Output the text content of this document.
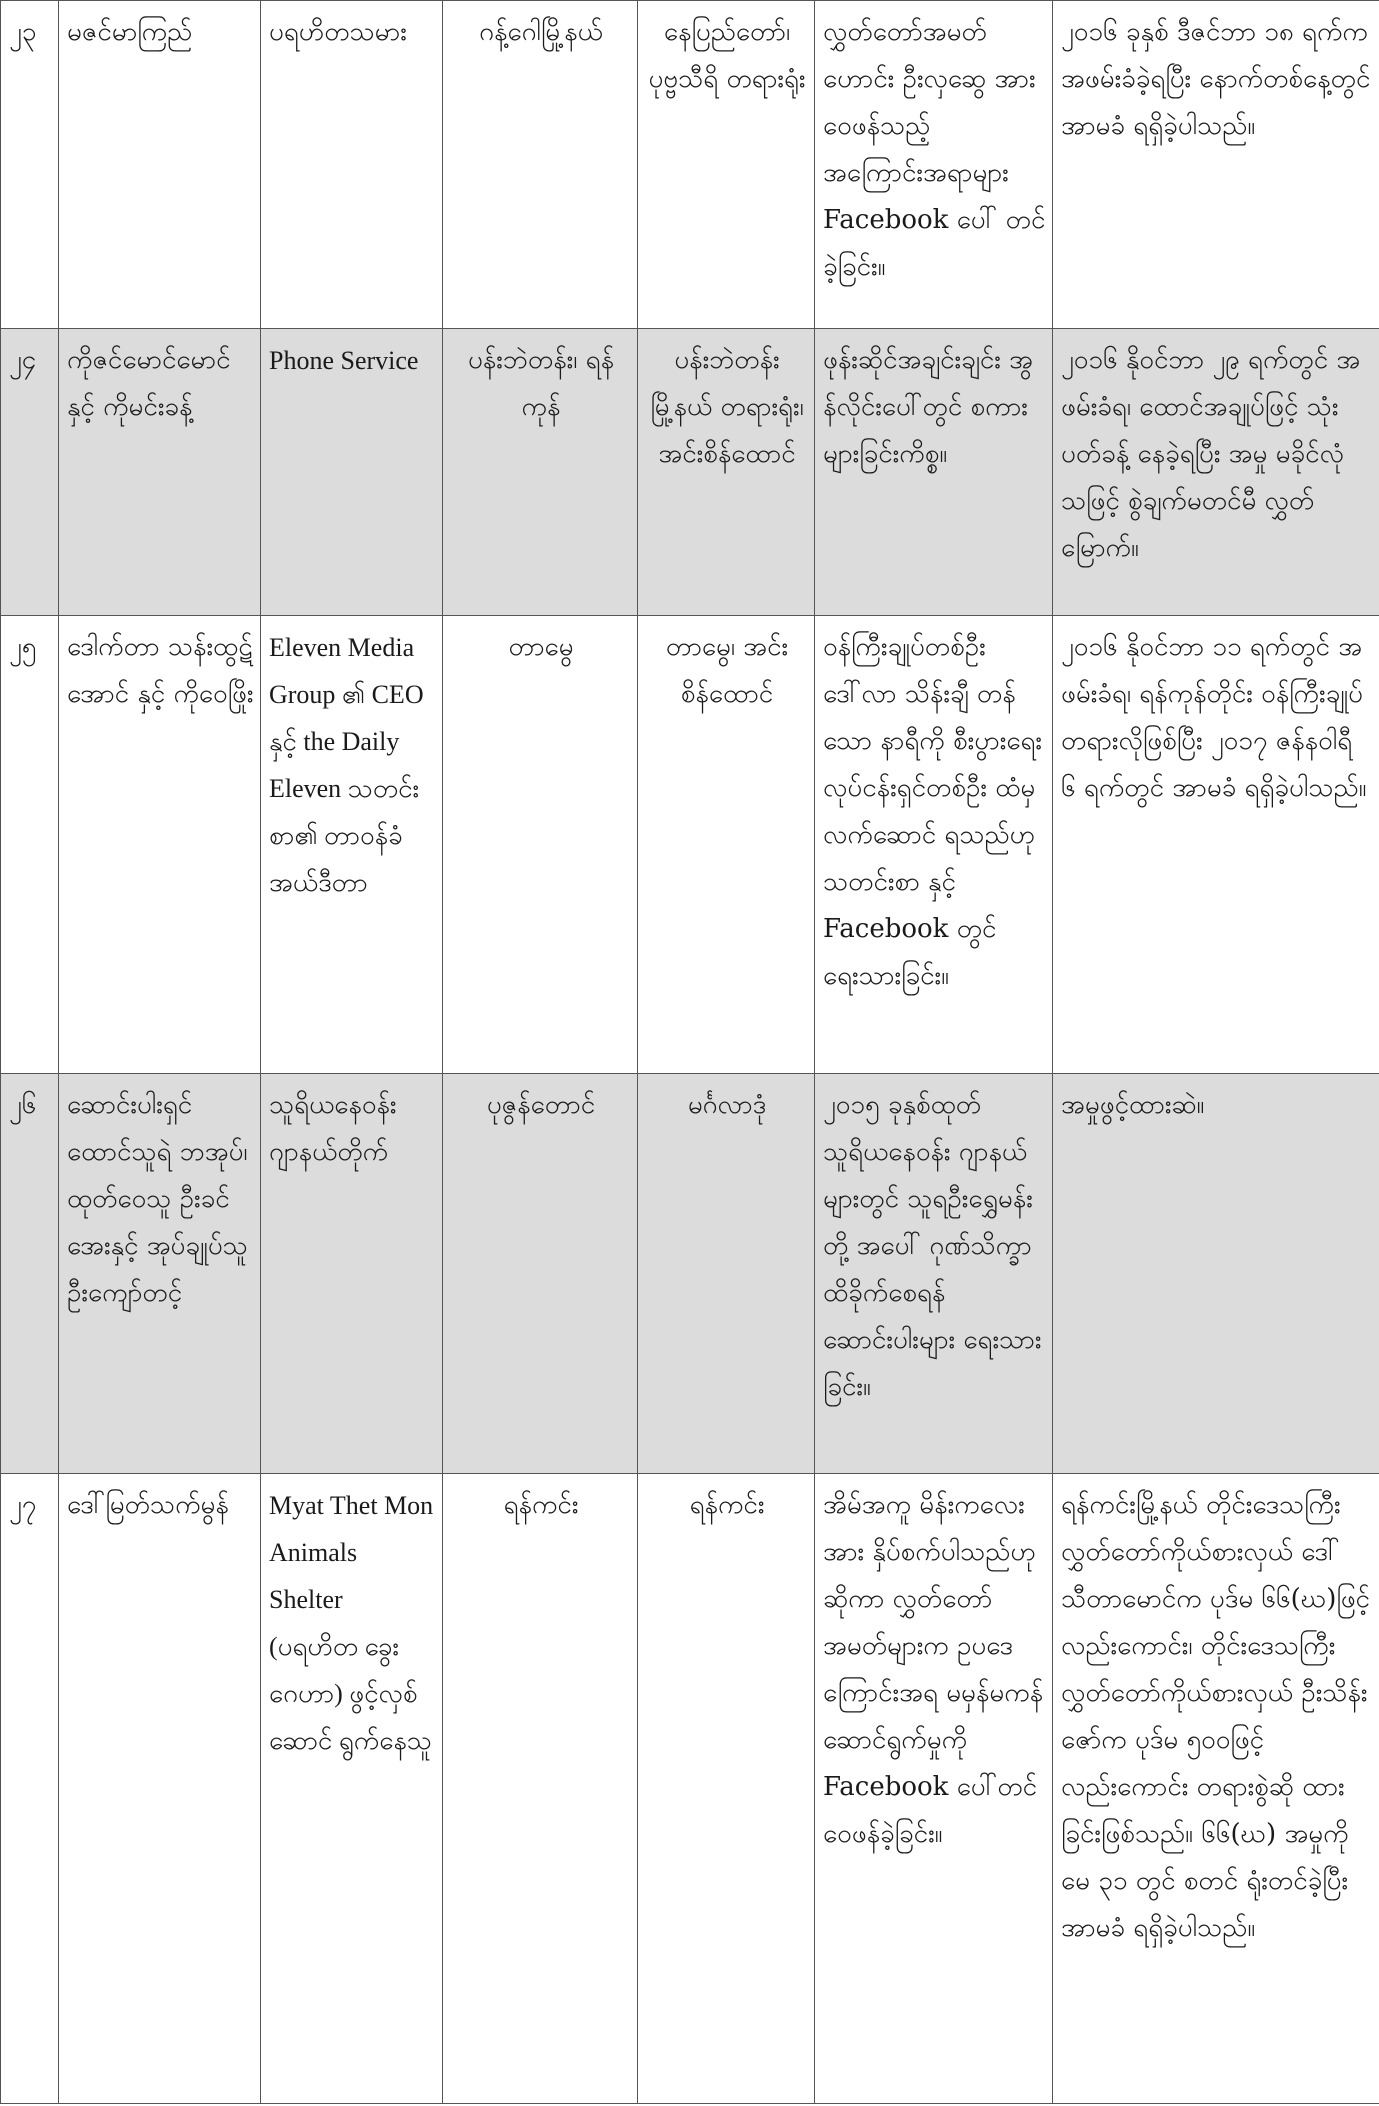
၂၃	မဇင်မာကြည်	ပရဟိတသမား	ဂန့်ဂေါမြို့နယ်	နေပြည်တော်၊ ပုဗ္ဗသီရိ တရားရုံး	လွှတ်တော်အမတ် ဟောင်း ဦးလှဆွေ အား ဝေဖန်သည့် အကြောင်းအရာများ Facebook ပေါ် တင်ခဲ့ခြင်း။	၂၀၁၆ ခုနှစ် ဒီဇင်ဘာ ၁၈ ရက်က အဖမ်းခံခဲ့ရပြီး နောက်တစ်နေ့တွင် အာမခံ ရရှိခဲ့ပါသည်။
၂၄	ကိုဇင်မောင်မောင် နှင့် ကိုမင်းခန့်	Phone Service	ပန်းဘဲတန်း၊ ရန်ကုန်	ပန်းဘဲတန်း မြို့နယ် တရားရုံး၊ အင်းစိန်ထောင်	ဖုန်းဆိုင်အချင်းချင်း အွန်လိုင်းပေါ်တွင် စကားများခြင်းကိစ္စ။	၂၀၁၆ နိုဝင်ဘာ ၂၉ ရက်တွင် အဖမ်းခံရ၊ ထောင်အချုပ်ဖြင့် သုံးပတ်ခန့် နေခဲ့ရပြီး အမှု မခိုင်လုံသဖြင့် စွဲချက်မတင်မီ လွှတ်မြောက်။
၂၅	ဒေါက်တာ သန်းထွဋ်အောင် နှင့် ကိုဝေဖြိုး	Eleven Media Group ၏ CEO နှင့် the Daily Eleven သတင်း စာ၏ တာဝန်ခံ အယ်ဒီတာ	တာမွေ	တာမွေ၊ အင်းစိန်ထောင်	ဝန်ကြီးချုပ်တစ်ဦး ဒေါ်လာ သိန်းချီ တန်သော နာရီကို စီးပွားရေး လုပ်ငန်းရှင်တစ်ဦး ထံမှ လက်ဆောင် ရသည်ဟု သတင်းစာ နှင့် Facebook တွင် ရေးသားခြင်း။	၂၀၁၆ နိုဝင်ဘာ ၁၁ ရက်တွင် အဖမ်းခံရ၊ ရန်ကုန်တိုင်း ဝန်ကြီးချုပ် တရားလိုဖြစ်ပြီး ၂၀၁၇ ဇန်နဝါရီ ၆ ရက်တွင် အာမခံ ရရှိခဲ့ပါသည်။
၂၆	ဆောင်းပါးရှင် ထောင်သူရဲ ဘအုပ်၊ ထုတ်ဝေသူ ဦးခင်အေးနှင့် အုပ်ချုပ်သူ ဦးကျော်တင့်	သူရိယနေဝန်း ဂျာနယ်တိုက်	ပုဇွန်တောင်	မင်္ဂလာဒုံ	၂၀၁၅ ခုနှစ်ထုတ် သူရိယနေဝန်း ဂျာနယ်များတွင် သူရဦးရွှေမန်းတို့ အပေါ် ဂုဏ်သိက္ခာ ထိခိုက်စေရန် ဆောင်းပါးများ ရေးသားခြင်း။	အမှုဖွင့်ထားဆဲ။
၂၇	ဒေါ်မြတ်သက်မွန်	Myat Thet Mon Animals Shelter (ပရဟိတ ခွေးဂေဟာ) ဖွင့်လှစ်ဆောင် ရွက်နေသူ	ရန်ကင်း	ရန်ကင်း	အိမ်အကူ မိန်းကလေးအား နှိပ်စက်ပါသည်ဟု ဆိုကာ လွှတ်တော် အမတ်များက ဥပဒေကြောင်းအရ မမှန်မကန် ဆောင်ရွက်မှုကို Facebook ပေါ်တင် ဝေဖန်ခဲ့ခြင်း။	ရန်ကင်းမြို့နယ် တိုင်းဒေသကြီး လွှတ်တော်ကိုယ်စားလှယ် ဒေါ်သီတာမောင်က ပုဒ်မ ၆၆(ဃ)ဖြင့်လည်းကောင်း၊ တိုင်းဒေသကြီး လွှတ်တော်ကိုယ်စားလှယ် ဦးသိန်းဇော်က ပုဒ်မ ၅၀၀ဖြင့် လည်းကောင်း တရားစွဲဆို ထားခြင်းဖြစ်သည်။ ၆၆(ဃ) အမှုကို မေ ၃၁ တွင် စတင် ရုံးတင်ခဲ့ပြီး အာမခံ ရရှိခဲ့ပါသည်။
